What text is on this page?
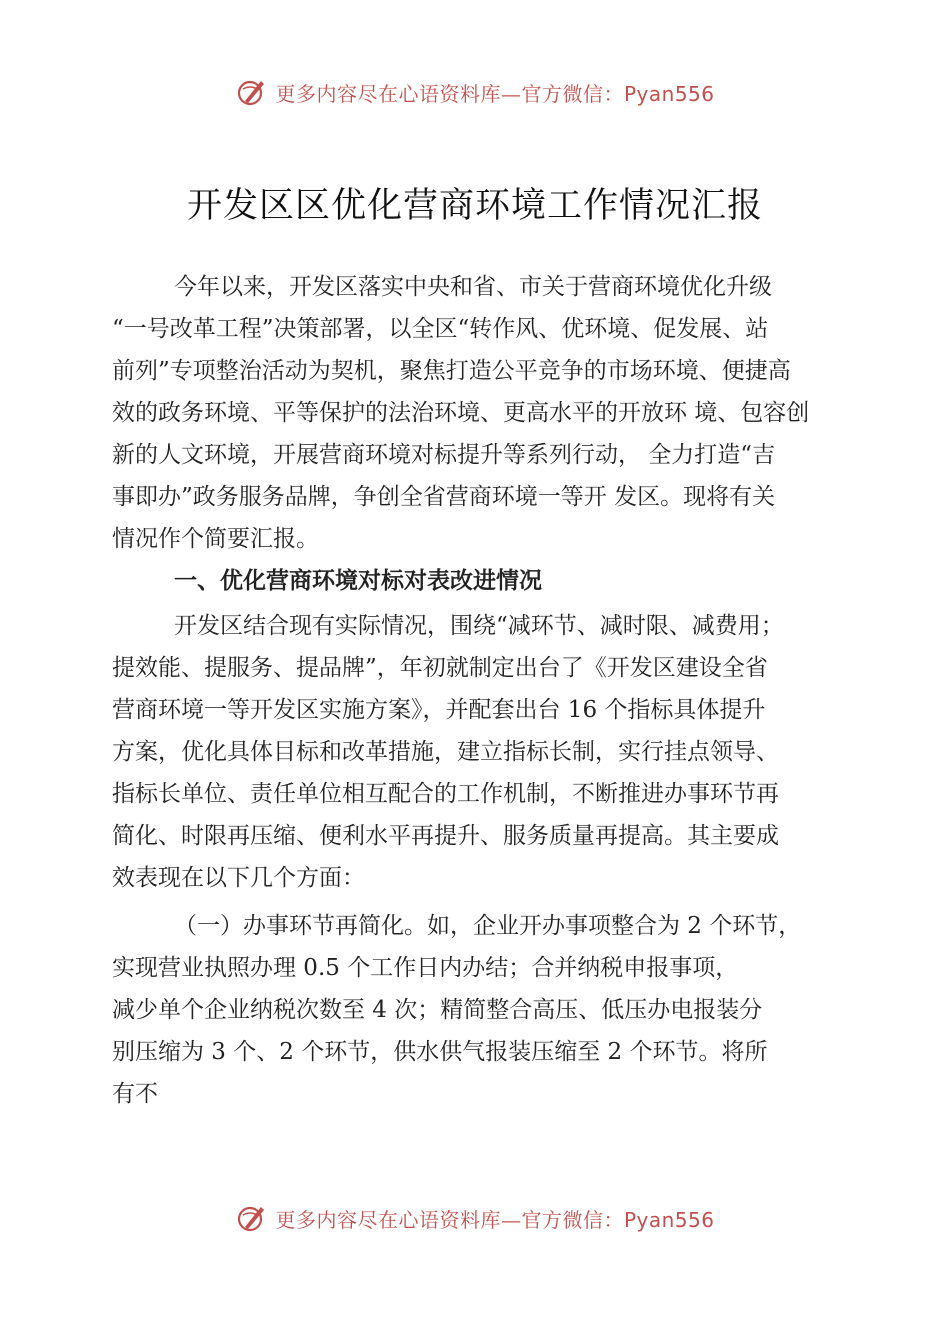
更多内容尽在心语资料库—官方微信：Pyan556
开发区区优化营商环境工作情况汇报
今年以来，开发区落实中央和省、市关于营商环境优化升级
“一号改革工程”决策部署，以全区“转作风、优环境、促发展、站
前列”专项整治活动为契机，聚焦打造公平竞争的市场环境、便捷高
效的政务环境、平等保护的法治环境、更高水平的开放环 境、包容创
新的人文环境，开展营商环境对标提升等系列行动， 全力打造“吉
事即办”政务服务品牌，争创全省营商环境一等开 发区。现将有关
情况作个简要汇报。
一、优化营商环境对标对表改进情况
开发区结合现有实际情况，围绕“减环节、减时限、减费用；
提效能、提服务、提品牌”，年初就制定出台了《开发区建设全省
营商环境一等开发区实施方案》，并配套出台 16 个指标具体提升
方案，优化具体目标和改革措施，建立指标长制，实行挂点领导、
指标长单位、责任单位相互配合的工作机制，不断推进办事环节再
简化、时限再压缩、便利水平再提升、服务质量再提高。其主要成
效表现在以下几个方面：
（一）办事环节再简化。如，企业开办事项整合为 2 个环节，
实现营业执照办理 0.5 个工作日内办结；合并纳税申报事项，
减少单个企业纳税次数至 4 次；精简整合高压、低压办电报装分
别压缩为 3 个、2 个环节，供水供气报装压缩至 2 个环节。将所
有不
更多内容尽在心语资料库—官方微信：Pyan556
